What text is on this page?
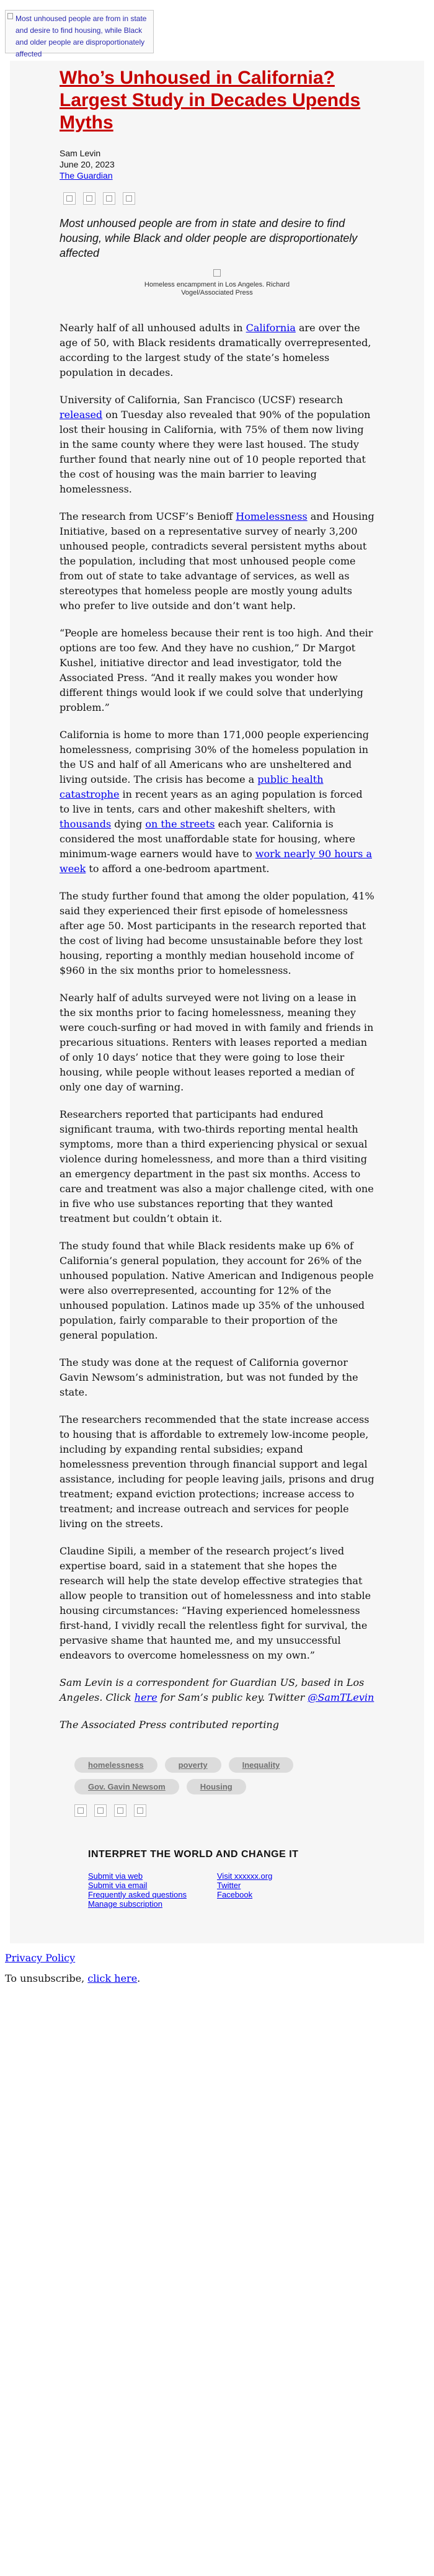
Most unhoused people are from in state and desire to find housing, while Black and older people are disproportionately affected
Who’s Unhoused in California? Largest Study in Decades Upends Myths
Sam Levin
June 20, 2023
The Guardian

Most unhoused people are from in state and desire to find housing, while Black and older people are disproportionately affected

Homeless encampment in Los Angeles. Richard Vogel/Associated Press

Nearly half of all unhoused adults in California are over the age of 50, with Black residents dramatically overrepresented, according to the largest study of the state’s homeless population in decades.

University of California, San Francisco (UCSF) research released on Tuesday also revealed that 90% of the population lost their housing in California, with 75% of them now living in the same county where they were last housed. The study further found that nearly nine out of 10 people reported that the cost of housing was the main barrier to leaving homelessness.

The research from UCSF’s Benioff Homelessness and Housing Initiative, based on a representative survey of nearly 3,200 unhoused people, contradicts several persistent myths about the population, including that most unhoused people come from out of state to take advantage of services, as well as stereotypes that homeless people are mostly young adults who prefer to live outside and don’t want help.

“People are homeless because their rent is too high. And their options are too few. And they have no cushion,” Dr Margot Kushel, initiative director and lead investigator, told the Associated Press. “And it really makes you wonder how different things would look if we could solve that underlying problem.”

California is home to more than 171,000 people experiencing homelessness, comprising 30% of the homeless population in the US and half of all Americans who are unsheltered and living outside. The crisis has become a public health catastrophe in recent years as an aging population is forced to live in tents, cars and other makeshift shelters, with thousands dying on the streets each year. California is considered the most unaffordable state for housing, where minimum-wage earners would have to work nearly 90 hours a week to afford a one-bedroom apartment.

The study further found that among the older population, 41% said they experienced their first episode of homelessness after age 50. Most participants in the research reported that the cost of living had become unsustainable before they lost housing, reporting a monthly median household income of $960 in the six months prior to homelessness.

Nearly half of adults surveyed were not living on a lease in the six months prior to facing homelessness, meaning they were couch-surfing or had moved in with family and friends in precarious situations. Renters with leases reported a median of only 10 days’ notice that they were going to lose their housing, while people without leases reported a median of only one day of warning.

Researchers reported that participants had endured significant trauma, with two-thirds reporting mental health symptoms, more than a third experiencing physical or sexual violence during homelessness, and more than a third visiting an emergency department in the past six months. Access to care and treatment was also a major challenge cited, with one in five who use substances reporting that they wanted treatment but couldn’t obtain it.

The study found that while Black residents make up 6% of California’s general population, they account for 26% of the unhoused population. Native American and Indigenous people were also overrepresented, accounting for 12% of the unhoused population. Latinos made up 35% of the unhoused population, fairly comparable to their proportion of the general population.

The study was done at the request of California governor Gavin Newsom’s administration, but was not funded by the state.

The researchers recommended that the state increase access to housing that is affordable to extremely low-income people, including by expanding rental subsidies; expand homelessness prevention through financial support and legal assistance, including for people leaving jails, prisons and drug treatment; expand eviction protections; increase access to treatment; and increase outreach and services for people living on the streets.

Claudine Sipili, a member of the research project’s lived expertise board, said in a statement that she hopes the research will help the state develop effective strategies that allow people to transition out of homelessness and into stable housing circumstances: “Having experienced homelessness first-hand, I vividly recall the relentless fight for survival, the pervasive shame that haunted me, and my unsuccessful endeavors to overcome homelessness on my own.”

Sam Levin is a correspondent for Guardian US, based in Los Angeles. Click here for Sam’s public key. Twitter @SamTLevin

The Associated Press contributed reporting

homelessness	poverty	Inequality
Gov. Gavin Newsom	Housing
INTERPRET THE WORLD AND CHANGE IT
Submit via web
Submit via email
Frequently asked questions
Manage subscription
Visit xxxxxx.org
Twitter
Facebook
Privacy Policy

To unsubscribe, click here.
